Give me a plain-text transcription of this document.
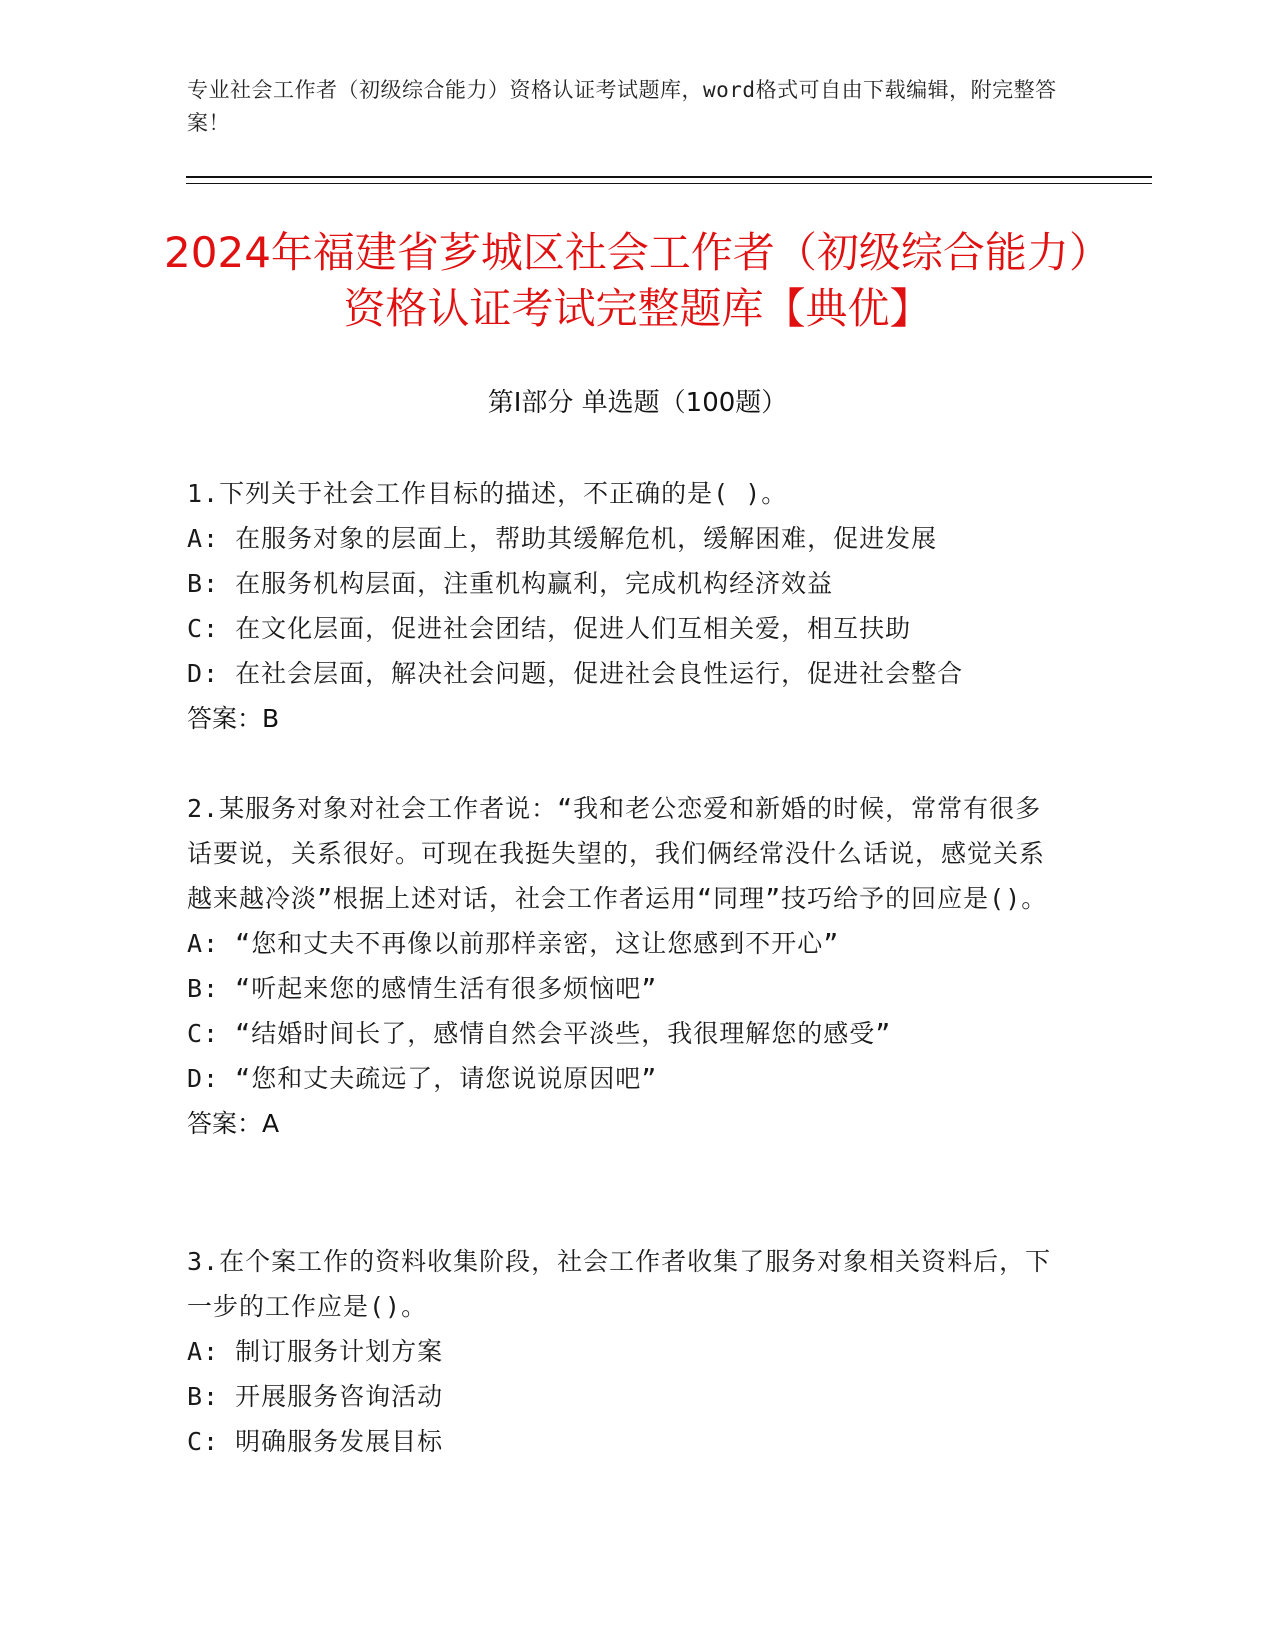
专业社会工作者（初级综合能力）资格认证考试题库，word格式可自由下载编辑，附完整答案！
2024年福建省芗城区社会工作者（初级综合能力）资格认证考试完整题库【典优】
第Ⅰ部分 单选题（100题）
1.下列关于社会工作目标的描述，不正确的是( )。
A: 在服务对象的层面上，帮助其缓解危机，缓解困难，促进发展
B: 在服务机构层面，注重机构赢利，完成机构经济效益
C: 在文化层面，促进社会团结，促进人们互相关爱，相互扶助
D: 在社会层面，解决社会问题，促进社会良性运行，促进社会整合
答案：B
2.某服务对象对社会工作者说：“我和老公恋爱和新婚的时候，常常有很多话要说，关系很好。可现在我挺失望的，我们俩经常没什么话说，感觉关系越来越冷淡”根据上述对话，社会工作者运用“同理”技巧给予的回应是()。
A: “您和丈夫不再像以前那样亲密，这让您感到不开心”
B: “听起来您的感情生活有很多烦恼吧”
C: “结婚时间长了，感情自然会平淡些，我很理解您的感受”
D: “您和丈夫疏远了，请您说说原因吧”
答案：A
3.在个案工作的资料收集阶段，社会工作者收集了服务对象相关资料后，下一步的工作应是()。
A: 制订服务计划方案
B: 开展服务咨询活动
C: 明确服务发展目标
